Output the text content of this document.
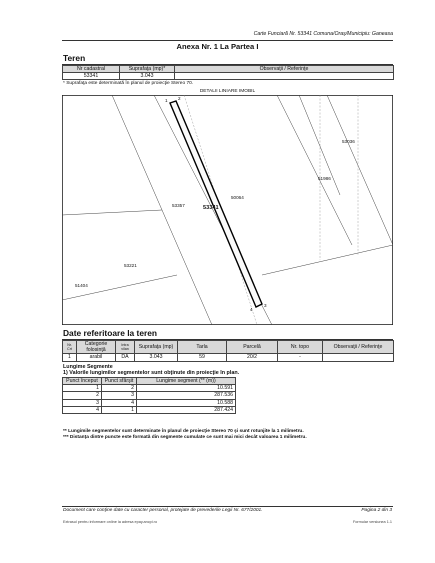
Carte Funciară Nr. 53341 Comuna/Oraş/Municipiu: Ganeasa
Anexa Nr. 1 La Partea I
Teren
Nr cadastral	Suprafaţa (mp)*	Observaţii / Referinţe
53341	3.043	
* Suprafaţa este determinată în planul de proiecţie Stereo 70.
DETALII LINIARE IMOBIL
1 2
3
4
53341
53357
50064
51986
53036
53221
51404
Date referitoare la teren
Nr. Crt	Categorie folosinţă	Intra vilan	Suprafaţa (mp)	Tarla	Parcelă	Nr. topo	Observaţii / Referinţe
1	arabil	DA	3.043	59	20/2	-	
Lungime Segmente
1) Valorile lungimilor segmentelor sunt obţinute din proiecţie în plan.
Punct început	Punct sfârşit	Lungime segment (** (m))
1	2	10.591
2	3	287.536
3	4	10.588
4	1	287.424
** Lungimile segmentelor sunt determinate în planul de proiecţie Stereo 70 şi sunt rotunjite la 1 milimetru.
*** Distanţa dintre puncte este formată din segmente cumulate ce sunt mai mici decât valoarea 1 milimetru.
Document care conţine date cu caracter personal, protejate de prevederile Legii Nr. 677/2001.	Pagina 2 din 3
Extrasul pentru informare online la adresa epay.ancpi.ro	Formular versiunea 1.1
